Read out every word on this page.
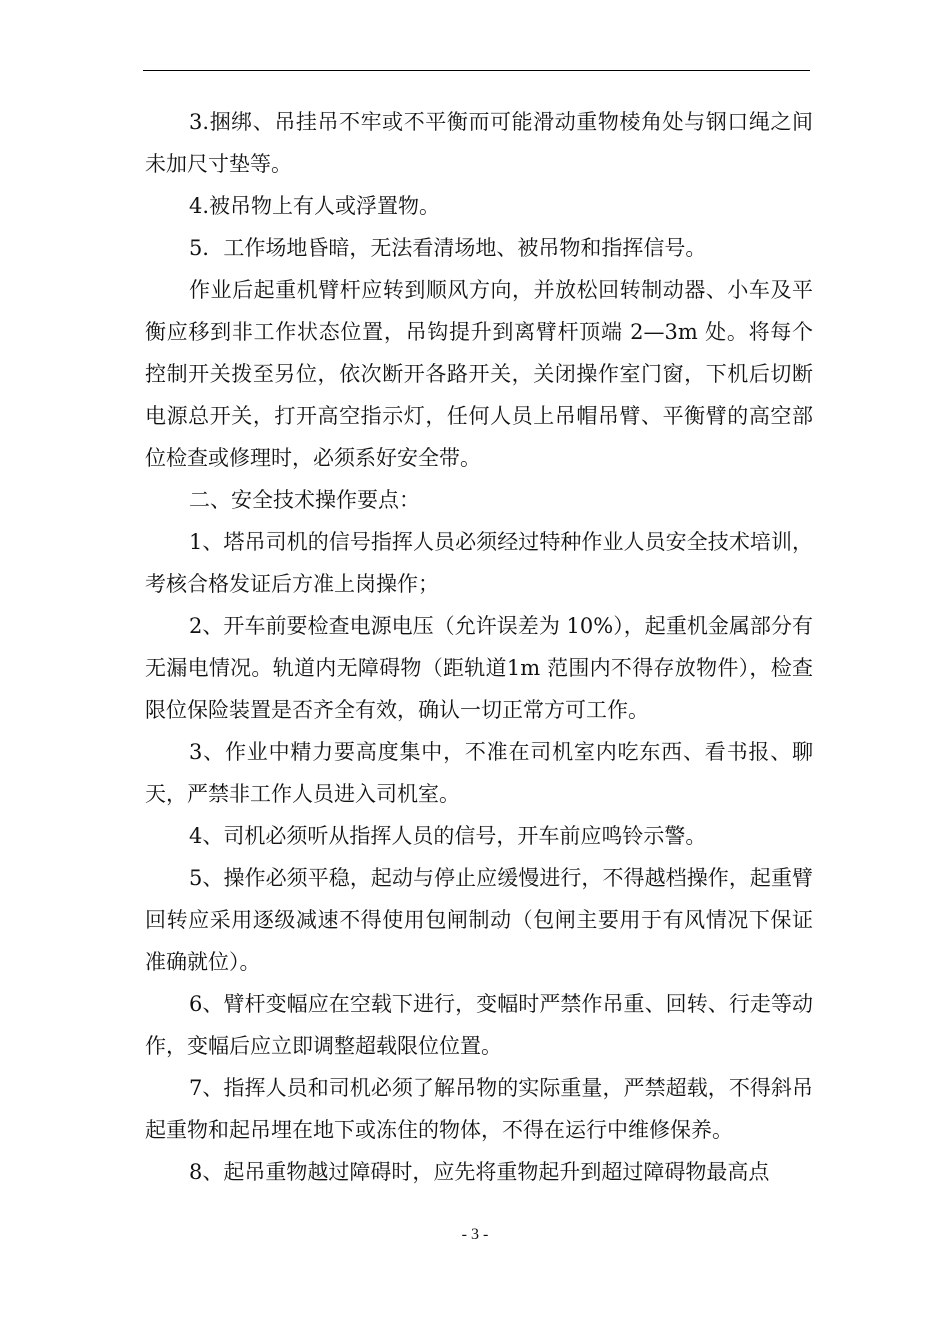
3.捆绑、吊挂吊不牢或不平衡而可能滑动重物棱角处与钢口绳之间未加尺寸垫等。

4.被吊物上有人或浮置物。

5．工作场地昏暗，无法看清场地、被吊物和指挥信号。

作业后起重机臂杆应转到顺风方向，并放松回转制动器、小车及平衡应移到非工作状态位置，吊钩提升到离臂杆顶端 2—3m 处。将每个控制开关拨至另位，依次断开各路开关，关闭操作室门窗，下机后切断电源总开关，打开高空指示灯，任何人员上吊帽吊臂、平衡臂的高空部位检查或修理时，必须系好安全带。

二、安全技术操作要点：

1、塔吊司机的信号指挥人员必须经过特种作业人员安全技术培训，考核合格发证后方准上岗操作；

2、开车前要检查电源电压（允许误差为 10%），起重机金属部分有无漏电情况。轨道内无障碍物（距轨道1m 范围内不得存放物件），检查限位保险装置是否齐全有效，确认一切正常方可工作。

3、作业中精力要高度集中，不准在司机室内吃东西、看书报、聊天，严禁非工作人员进入司机室。

4、司机必须听从指挥人员的信号，开车前应鸣铃示警。

5、操作必须平稳，起动与停止应缓慢进行，不得越档操作，起重臂回转应采用逐级减速不得使用包闸制动（包闸主要用于有风情况下保证准确就位）。

6、臂杆变幅应在空载下进行，变幅时严禁作吊重、回转、行走等动作，变幅后应立即调整超载限位位置。

7、指挥人员和司机必须了解吊物的实际重量，严禁超载，不得斜吊起重物和起吊埋在地下或冻住的物体，不得在运行中维修保养。

8、起吊重物越过障碍时，应先将重物起升到超过障碍物最高点

- 3 -
